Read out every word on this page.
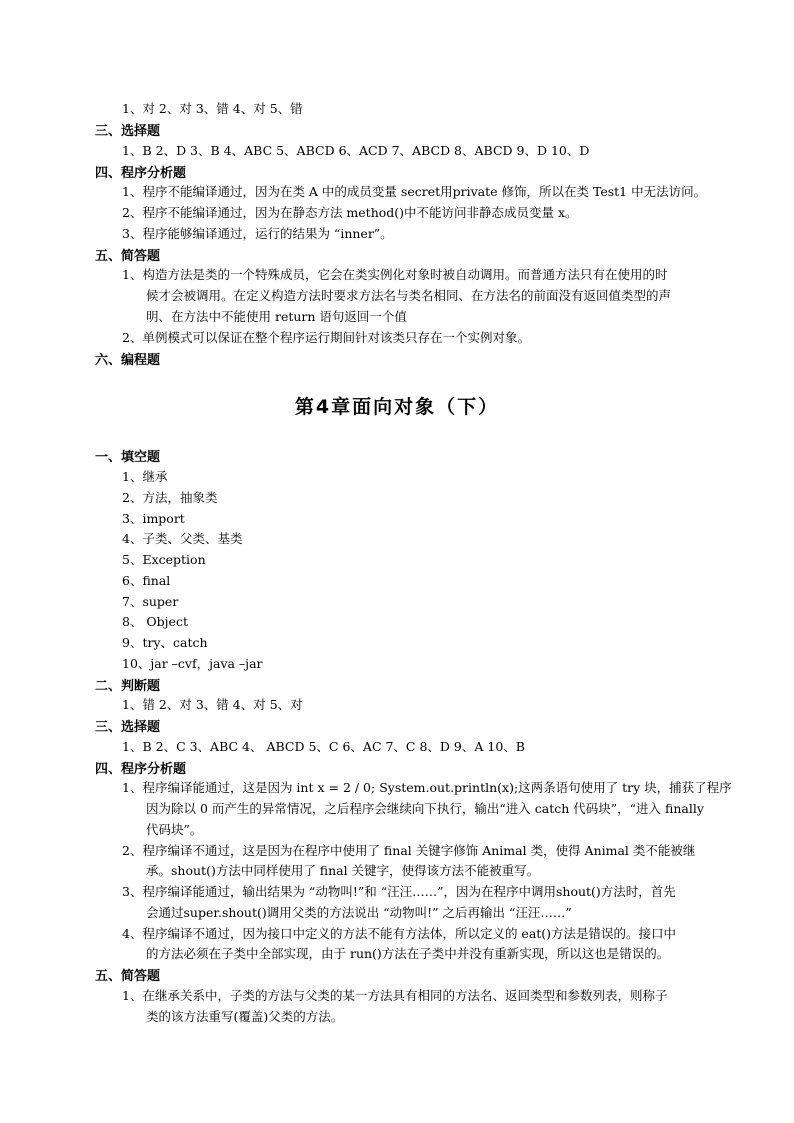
1、对 2、对 3、错 4、对 5、错
三、选择题
1、B 2、D 3、B 4、ABC 5、ABCD 6、ACD 7、ABCD 8、ABCD 9、D 10、D
四、程序分析题
1、程序不能编译通过，因为在类 A 中的成员变量 secret用private 修饰，所以在类 Test1 中无法访问。
2、程序不能编译通过，因为在静态方法 method()中不能访问非静态成员变量 x。
3、程序能够编译通过，运行的结果为 “inner”。
五、简答题
1、构造方法是类的一个特殊成员，它会在类实例化对象时被自动调用。而普通方法只有在使用的时
候才会被调用。在定义构造方法时要求方法名与类名相同、在方法名的前面没有返回值类型的声
明、在方法中不能使用 return 语句返回一个值
2、单例模式可以保证在整个程序运行期间针对该类只存在一个实例对象。
六、编程题
第4章面向对象（下）
一、填空题
1、继承
2、方法，抽象类
3、import
4、子类、父类、基类
5、Exception
6、final
7、super
8、 Object
9、try、catch
10、jar –cvf，java –jar
二、判断题
1、错 2、对 3、错 4、对 5、对
三、选择题
1、B 2、C 3、ABC 4、 ABCD 5、C 6、AC 7、C 8、D 9、A 10、B
四、程序分析题
1、程序编译能通过，这是因为 int x = 2 / 0; System.out.println(x);这两条语句使用了 try 块，捕获了程序
因为除以 0 而产生的异常情况，之后程序会继续向下执行，输出“进入 catch 代码块”，“进入 finally
代码块”。
2、程序编译不通过，这是因为在程序中使用了 final 关键字修饰 Animal 类，使得 Animal 类不能被继
承。shout()方法中同样使用了 final 关键字，使得该方法不能被重写。
3、程序编译能通过，输出结果为 “动物叫!”和 “汪汪……”，因为在程序中调用shout()方法时，首先
会通过super.shout()调用父类的方法说出 “动物叫!” 之后再输出 “汪汪……”
4、程序编译不通过，因为接口中定义的方法不能有方法体，所以定义的 eat()方法是错误的。接口中
的方法必须在子类中全部实现，由于 run()方法在子类中并没有重新实现，所以这也是错误的。
五、简答题
1、在继承关系中，子类的方法与父类的某一方法具有相同的方法名、返回类型和参数列表，则称子
类的该方法重写(覆盖)父类的方法。
